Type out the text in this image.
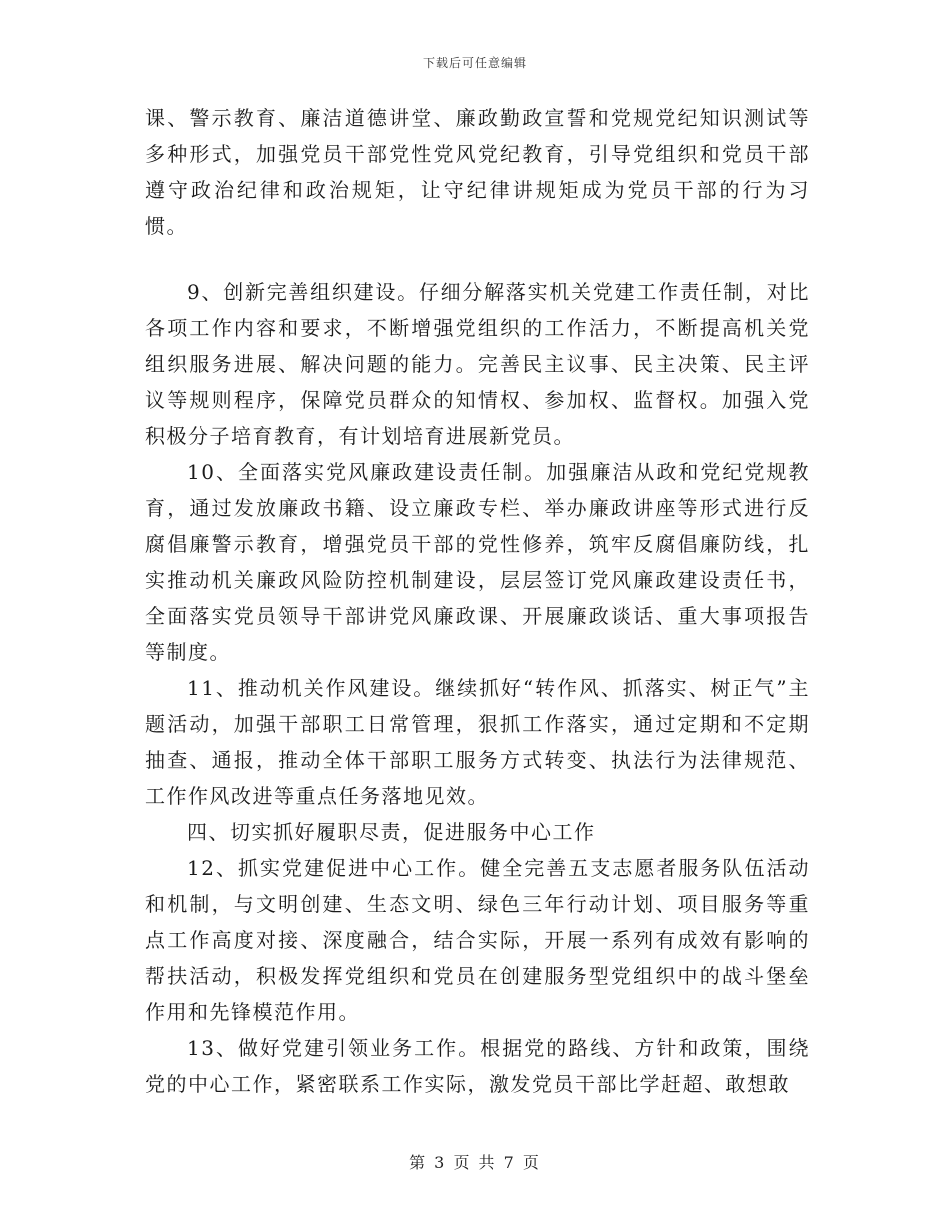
下载后可任意编辑

课、警示教育、廉洁道德讲堂、廉政勤政宣誓和党规党纪知识测试等多种形式，加强党员干部党性党风党纪教育，引导党组织和党员干部遵守政治纪律和政治规矩，让守纪律讲规矩成为党员干部的行为习惯。

9、创新完善组织建设。仔细分解落实机关党建工作责任制，对比各项工作内容和要求，不断增强党组织的工作活力，不断提高机关党组织服务进展、解决问题的能力。完善民主议事、民主决策、民主评议等规则程序，保障党员群众的知情权、参加权、监督权。加强入党积极分子培育教育，有计划培育进展新党员。

10、全面落实党风廉政建设责任制。加强廉洁从政和党纪党规教育，通过发放廉政书籍、设立廉政专栏、举办廉政讲座等形式进行反腐倡廉警示教育，增强党员干部的党性修养，筑牢反腐倡廉防线，扎实推动机关廉政风险防控机制建设，层层签订党风廉政建设责任书，全面落实党员领导干部讲党风廉政课、开展廉政谈话、重大事项报告等制度。

11、推动机关作风建设。继续抓好“转作风、抓落实、树正气”主题活动，加强干部职工日常管理，狠抓工作落实，通过定期和不定期抽查、通报，推动全体干部职工服务方式转变、执法行为法律规范、工作作风改进等重点任务落地见效。

四、切实抓好履职尽责，促进服务中心工作

12、抓实党建促进中心工作。健全完善五支志愿者服务队伍活动和机制，与文明创建、生态文明、绿色三年行动计划、项目服务等重点工作高度对接、深度融合，结合实际，开展一系列有成效有影响的帮扶活动，积极发挥党组织和党员在创建服务型党组织中的战斗堡垒作用和先锋模范作用。

13、做好党建引领业务工作。根据党的路线、方针和政策，围绕党的中心工作，紧密联系工作实际，激发党员干部比学赶超、敢想敢

第 3 页 共 7 页
